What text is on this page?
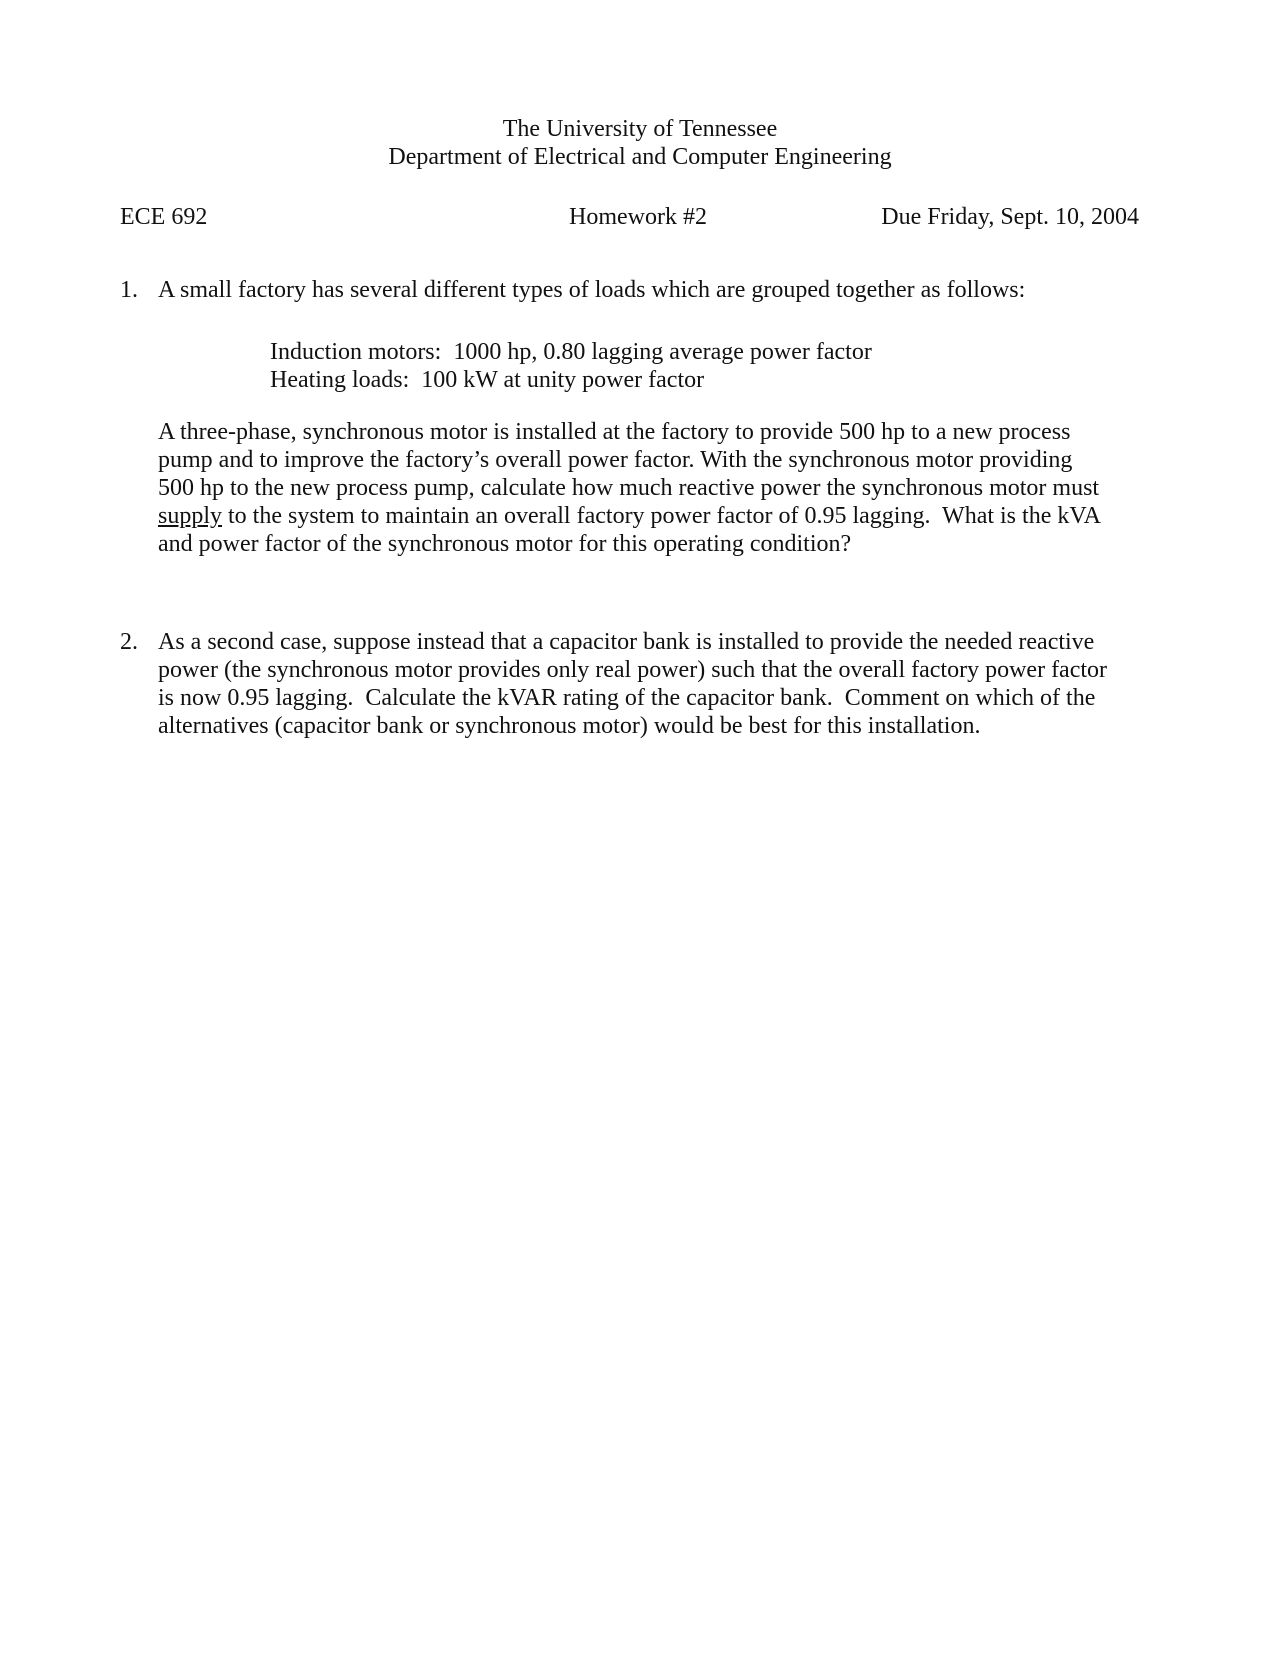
The University of Tennessee
Department of Electrical and Computer Engineering
ECE 692	Homework #2	Due Friday, Sept. 10, 2004
1. A small factory has several different types of loads which are grouped together as follows:
Induction motors:  1000 hp, 0.80 lagging average power factor
Heating loads:  100 kW at unity power factor
A three-phase, synchronous motor is installed at the factory to provide 500 hp to a new process
pump and to improve the factory’s overall power factor. With the synchronous motor providing
500 hp to the new process pump, calculate how much reactive power the synchronous motor must
supply to the system to maintain an overall factory power factor of 0.95 lagging.  What is the kVA
and power factor of the synchronous motor for this operating condition?
2. As a second case, suppose instead that a capacitor bank is installed to provide the needed reactive
power (the synchronous motor provides only real power) such that the overall factory power factor
is now 0.95 lagging.  Calculate the kVAR rating of the capacitor bank.  Comment on which of the
alternatives (capacitor bank or synchronous motor) would be best for this installation.
